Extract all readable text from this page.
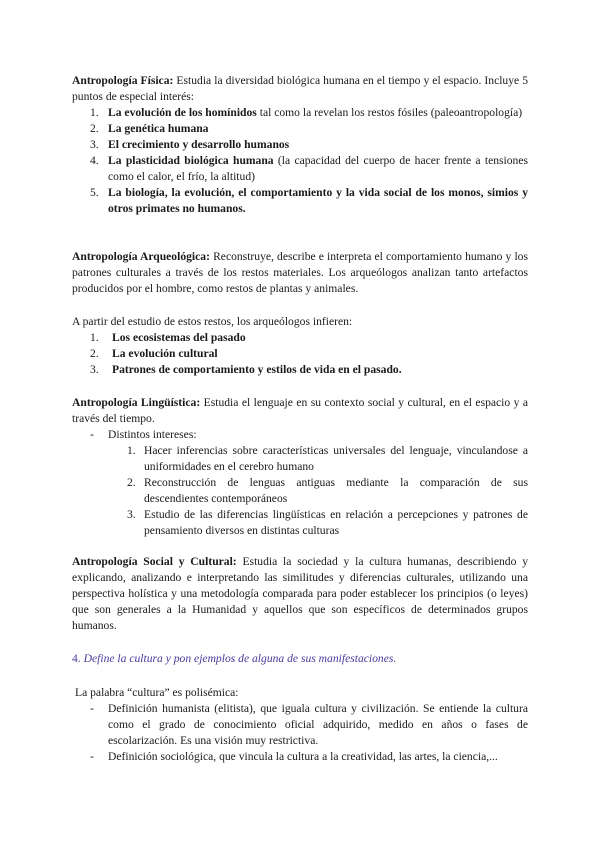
Antropología Física: Estudia la diversidad biológica humana en el tiempo y el espacio. Incluye 5 puntos de especial interés:

1. La evolución de los homínidos tal como la revelan los restos fósiles (paleoantropología)
2. La genética humana
3. El crecimiento y desarrollo humanos
4. La plasticidad biológica humana (la capacidad del cuerpo de hacer frente a tensiones como el calor, el frío, la altitud)
5. La biología, la evolución, el comportamiento y la vida social de los monos, simios y otros primates no humanos.

Antropología Arqueológica: Reconstruye, describe e interpreta el comportamiento humano y los patrones culturales a través de los restos materiales. Los arqueólogos analizan tanto artefactos producidos por el hombre, como restos de plantas y animales.

A partir del estudio de estos restos, los arqueólogos infieren:

1. Los ecosistemas del pasado
2. La evolución cultural
3. Patrones de comportamiento y estilos de vida en el pasado.

Antropología Lingüística: Estudia el lenguaje en su contexto social y cultural, en el espacio y a través del tiempo.

- Distintos intereses:
1. Hacer inferencias sobre características universales del lenguaje, vinculandose a uniformidades en el cerebro humano
2. Reconstrucción de lenguas antiguas mediante la comparación de sus descendientes contemporáneos
3. Estudio de las diferencias lingüísticas en relación a percepciones y patrones de pensamiento diversos en distintas culturas

Antropología Social y Cultural: Estudia la sociedad y la cultura humanas, describiendo y explicando, analizando e interpretando las similitudes y diferencias culturales, utilizando una perspectiva holística y una metodología comparada para poder establecer los principios (o leyes) que son generales a la Humanidad y aquellos que son específicos de determinados grupos humanos.

4. Define la cultura y pon ejemplos de alguna de sus manifestaciones.

La palabra “cultura” es polisémica:

- Definición humanista (elitista), que iguala cultura y civilización. Se entiende la cultura como el grado de conocimiento oficial adquirido, medido en años o fases de escolarización. Es una visión muy restrictiva.
- Definición sociológica, que vincula la cultura a la creatividad, las artes, la ciencia,...
